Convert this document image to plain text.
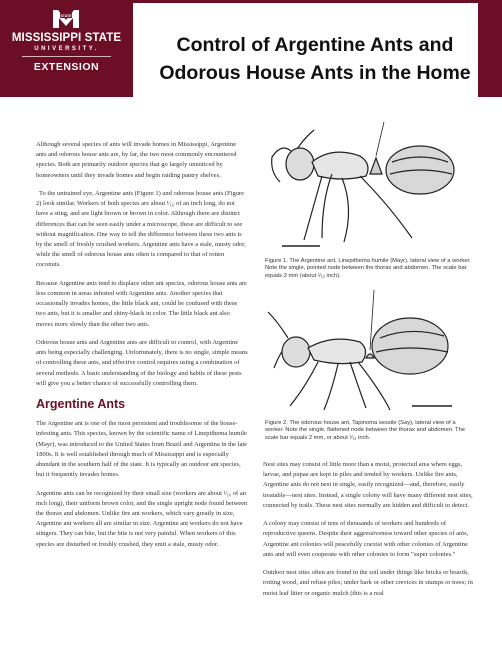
STATE
MISSISSIPPI STATE
UNIVERSITY.
EXTENSION
Control of Argentine Ants and
Odorous House Ants in the Home

Although several species of ants will invade homes in Mississippi, Argentine ants and odorous house ants are, by far, the two most commonly encountered species. Both are primarily outdoor species that go largely unnoticed by homeowners until they invade homes and begin raiding pantry shelves.

To the untrained eye, Argentine ants (Figure 1) and odorous house ants (Figure 2) look similar. Workers of both species are about ¹⁄₁₆ of an inch long, do not have a sting, and are light brown or brown in color. Although there are distinct differences that can be seen easily under a microscope, these are difficult to see without magnification. One way to tell the difference between these two ants is by the smell of freshly crushed workers. Argentine ants have a stale, musty odor, while the smell of odorous house ants often is compared to that of rotten coconuts.

Because Argentine ants tend to displace other ant species, odorous house ants are less common in areas infested with Argentine ants. Another species that occasionally invades homes, the little black ant, could be confused with these two ants, but it is smaller and shiny-black in color. The little black ant also moves more slowly than the other two ants.

Odorous house ants and Argentine ants are difficult to control, with Argentine ants being especially challenging. Unfortunately, there is no single, simple means of controlling these ants, and effective control requires using a combination of several methods. A basic understanding of the biology and habits of these pests will give you a better chance of successfully controlling them.

Argentine Ants

The Argentine ant is one of the most persistent and troublesome of the house-infesting ants. This species, known by the scientific name of Linepithema humile (Mayr), was introduced to the United States from Brazil and Argentina in the late 1800s. It is well established through much of Mississippi and is especially abundant in the southern half of the state. It is typically an outdoor ant species, but it frequently invades homes.

Argentine ants can be recognized by their small size (workers are about ¹⁄₁₆ of an inch long), their uniform brown color, and the single upright node found between the thorax and abdomen. Unlike fire ant workers, which vary greatly in size, Argentine ant workers all are similar in size. Argentine ant workers do not have stingers. They can bite, but the bite is not very painful. When workers of this species are disturbed or freshly crushed, they emit a stale, musty odor.

Figure 1. The Argentine ant, Linepithema humile (Mayr), lateral view of a worker. Note the single, pointed node between the thorax and abdomen. The scale bar equals 2 mm (about ¹⁄₁₂ inch).
Figure 2. The odorous house ant, Tapinoma sessile (Say), lateral view of a worker. Note the single, flattened node between the thorax and abdomen. The scale bar equals 2 mm, or about ¹⁄₁₂ inch.

Nest sites may consist of little more than a moist, protected area where eggs, larvae, and pupae are kept in piles and tended by workers. Unlike fire ants, Argentine ants do not nest in single, easily recognized—and, therefore, easily treatable—nest sites. Instead, a single colony will have many different nest sites, connected by trails. These nest sites normally are hidden and difficult to detect.

A colony may consist of tens of thousands of workers and hundreds of reproductive queens. Despite their aggressiveness toward other species of ants, Argentine ant colonies will peacefully coexist with other colonies of Argentine ants and will even cooperate with other colonies to form "super colonies."

Outdoor nest sites often are found in the soil under things like bricks or boards, rotting wood, and refuse piles; under bark or other crevices in stumps or trees; in moist leaf litter or organic mulch (this is a real
